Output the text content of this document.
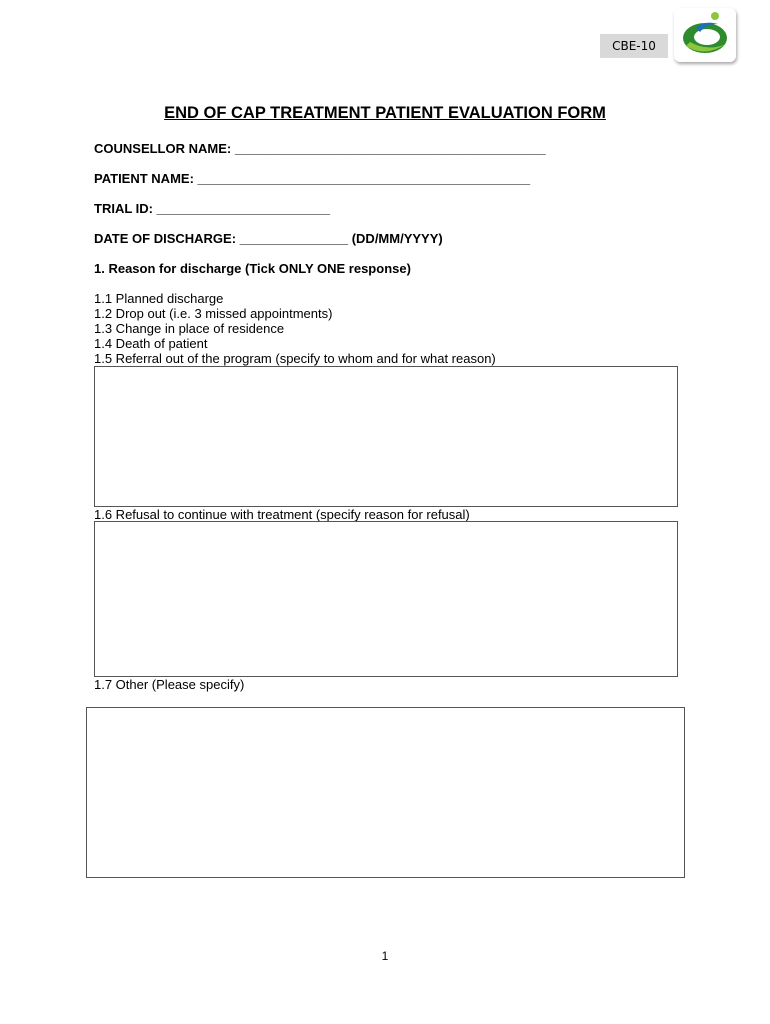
CBE-10
END OF CAP TREATMENT PATIENT EVALUATION FORM
COUNSELLOR NAME: ___________________________________________
PATIENT NAME: ______________________________________________
TRIAL ID: ________________________
DATE OF DISCHARGE: _______________ (DD/MM/YYYY)
1. Reason for discharge (Tick ONLY ONE response)
1.1 Planned discharge
1.2 Drop out (i.e. 3 missed appointments)
1.3 Change in place of residence
1.4 Death of patient
1.5 Referral out of the program (specify to whom and for what reason)
1.6 Refusal to continue with treatment (specify reason for refusal)
1.7 Other (Please specify)
1
